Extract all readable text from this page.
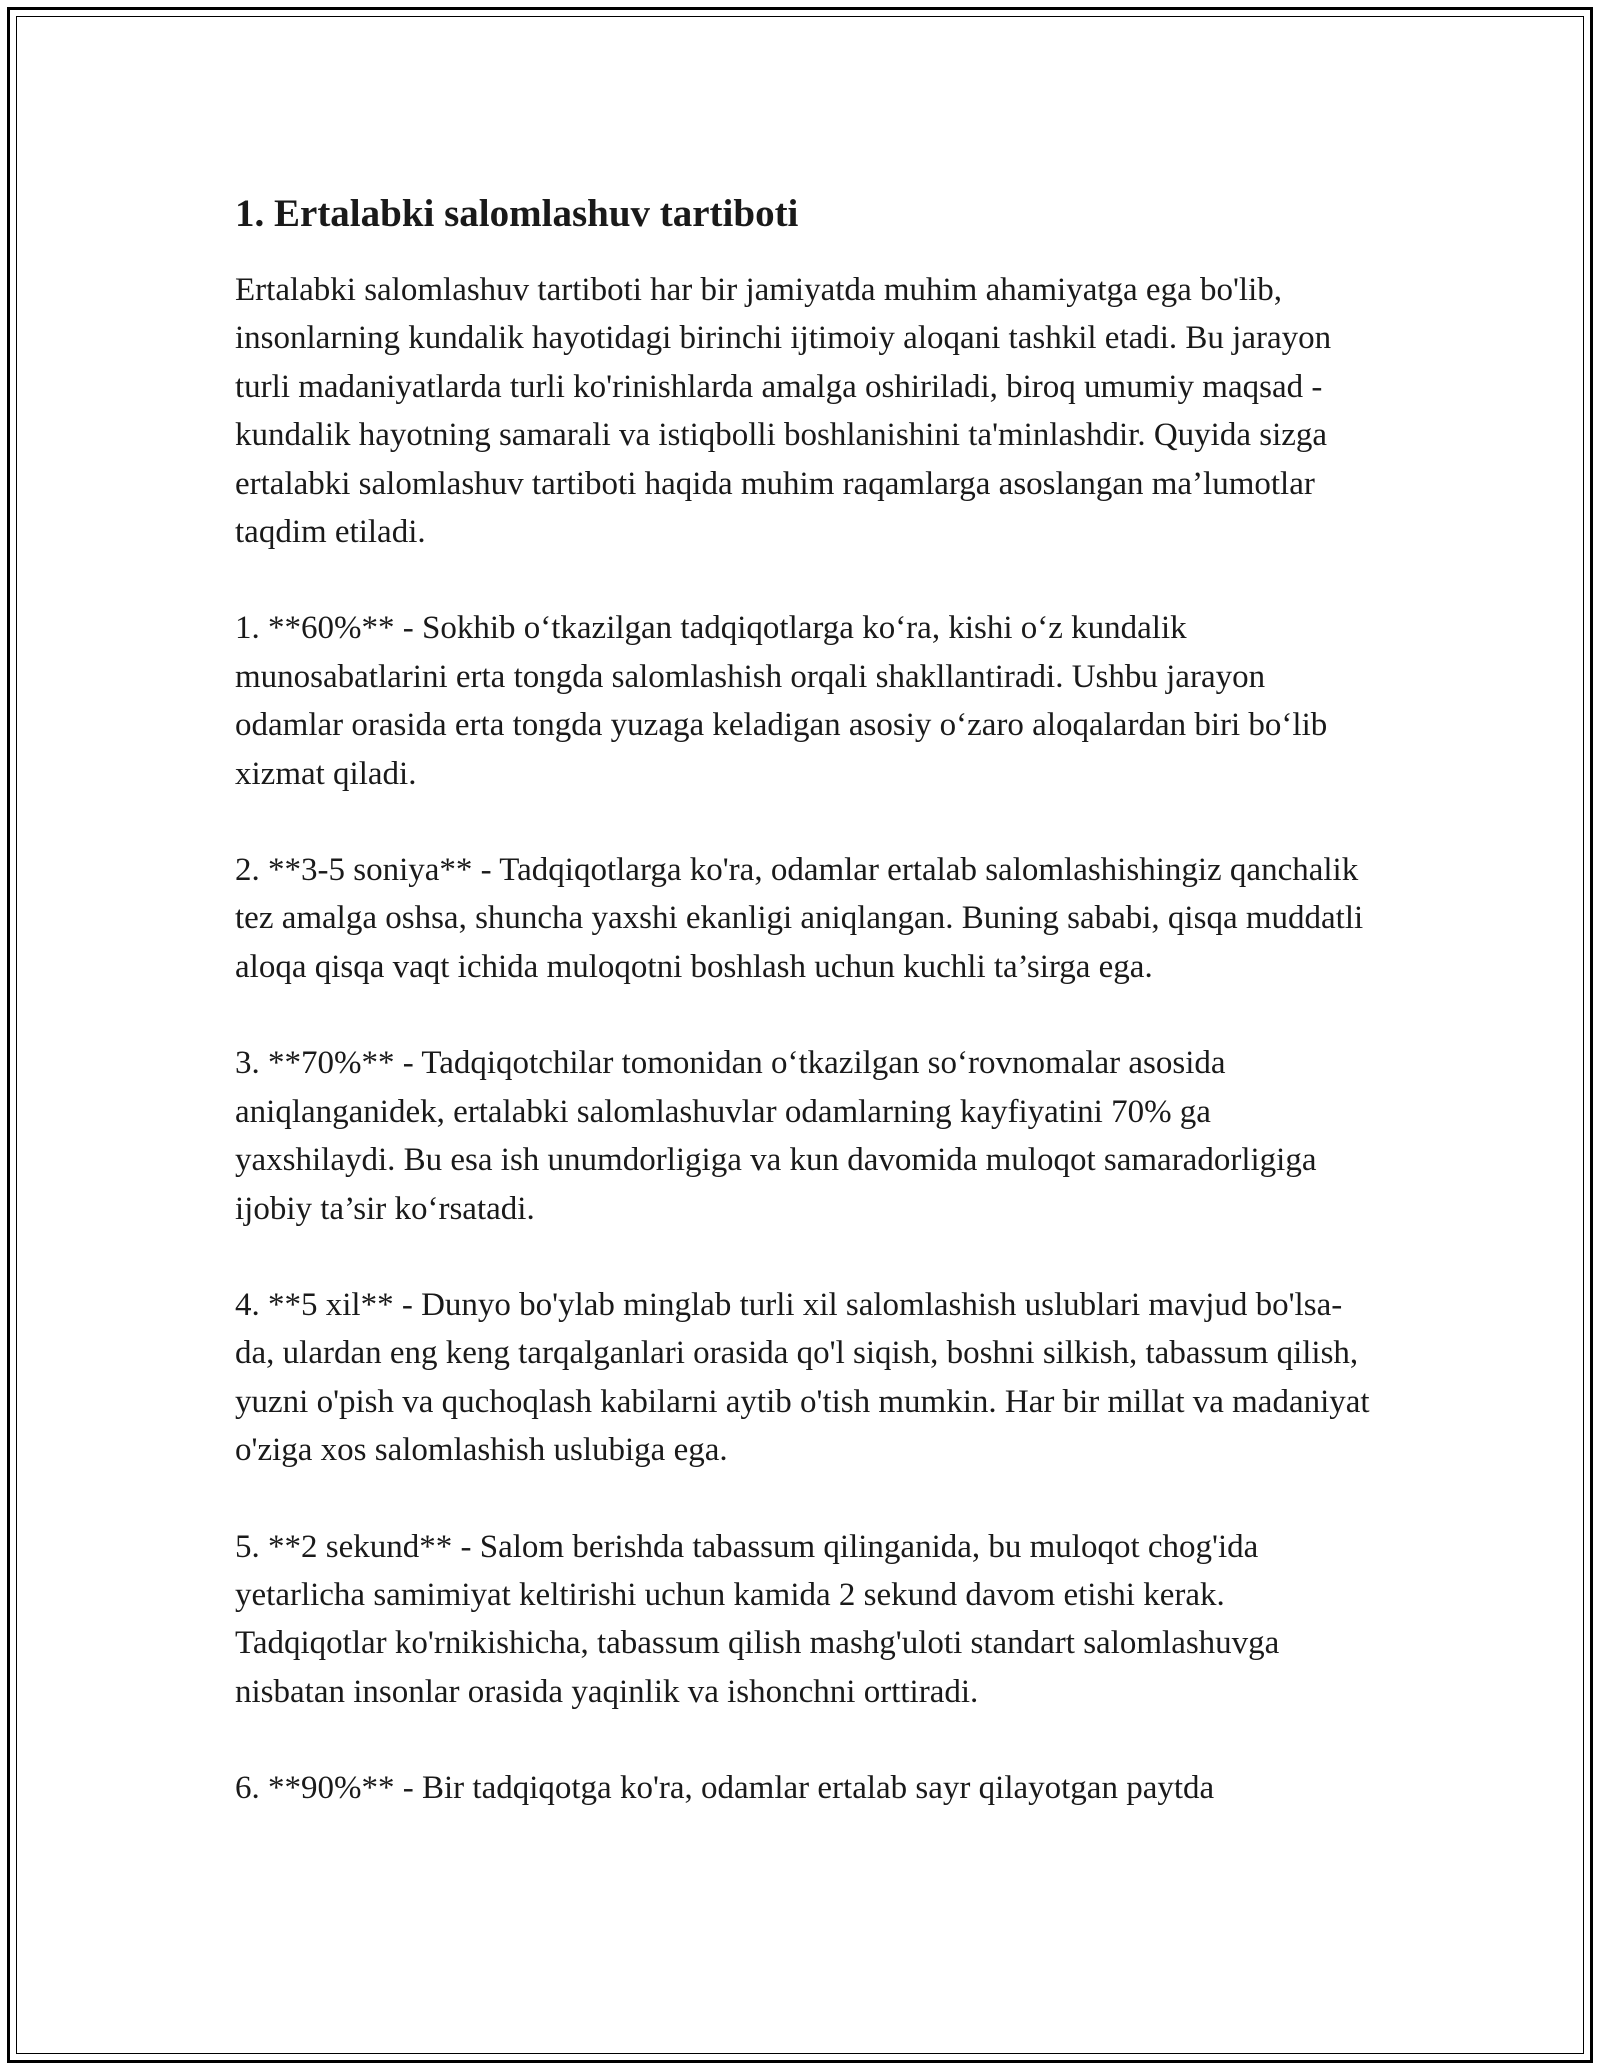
1. Ertalabki salomlashuv tartiboti

Ertalabki salomlashuv tartiboti har bir jamiyatda muhim ahamiyatga ega bo'lib, insonlarning kundalik hayotidagi birinchi ijtimoiy aloqani tashkil etadi. Bu jarayon turli madaniyatlarda turli ko'rinishlarda amalga oshiriladi, biroq umumiy maqsad - kundalik hayotning samarali va istiqbolli boshlanishini ta'minlashdir. Quyida sizga ertalabki salomlashuv tartiboti haqida muhim raqamlarga asoslangan ma’lumotlar taqdim etiladi.

1. **60%** - Sokhib o‘tkazilgan tadqiqotlarga ko‘ra, kishi o‘z kundalik munosabatlarini erta tongda salomlashish orqali shakllantiradi. Ushbu jarayon odamlar orasida erta tongda yuzaga keladigan asosiy o‘zaro aloqalardan biri bo‘lib xizmat qiladi.

2. **3-5 soniya** - Tadqiqotlarga ko'ra, odamlar ertalab salomlashishingiz qanchalik tez amalga oshsa, shuncha yaxshi ekanligi aniqlangan. Buning sababi, qisqa muddatli aloqa qisqa vaqt ichida muloqotni boshlash uchun kuchli ta’sirga ega.

3. **70%** - Tadqiqotchilar tomonidan o‘tkazilgan so‘rovnomalar asosida aniqlanganidek, ertalabki salomlashuvlar odamlarning kayfiyatini 70% ga yaxshilaydi. Bu esa ish unumdorligiga va kun davomida muloqot samaradorligiga ijobiy ta’sir ko‘rsatadi.

4. **5 xil** - Dunyo bo'ylab minglab turli xil salomlashish uslublari mavjud bo'lsa-da, ulardan eng keng tarqalganlari orasida qo'l siqish, boshni silkish, tabassum qilish, yuzni o'pish va quchoqlash kabilarni aytib o'tish mumkin. Har bir millat va madaniyat o'ziga xos salomlashish uslubiga ega.

5. **2 sekund** - Salom berishda tabassum qilinganida, bu muloqot chog'ida yetarlicha samimiyat keltirishi uchun kamida 2 sekund davom etishi kerak. Tadqiqotlar ko'rnikishicha, tabassum qilish mashg'uloti standart salomlashuvga nisbatan insonlar orasida yaqinlik va ishonchni orttiradi.

6. **90%** - Bir tadqiqotga ko'ra, odamlar ertalab sayr qilayotgan paytda
